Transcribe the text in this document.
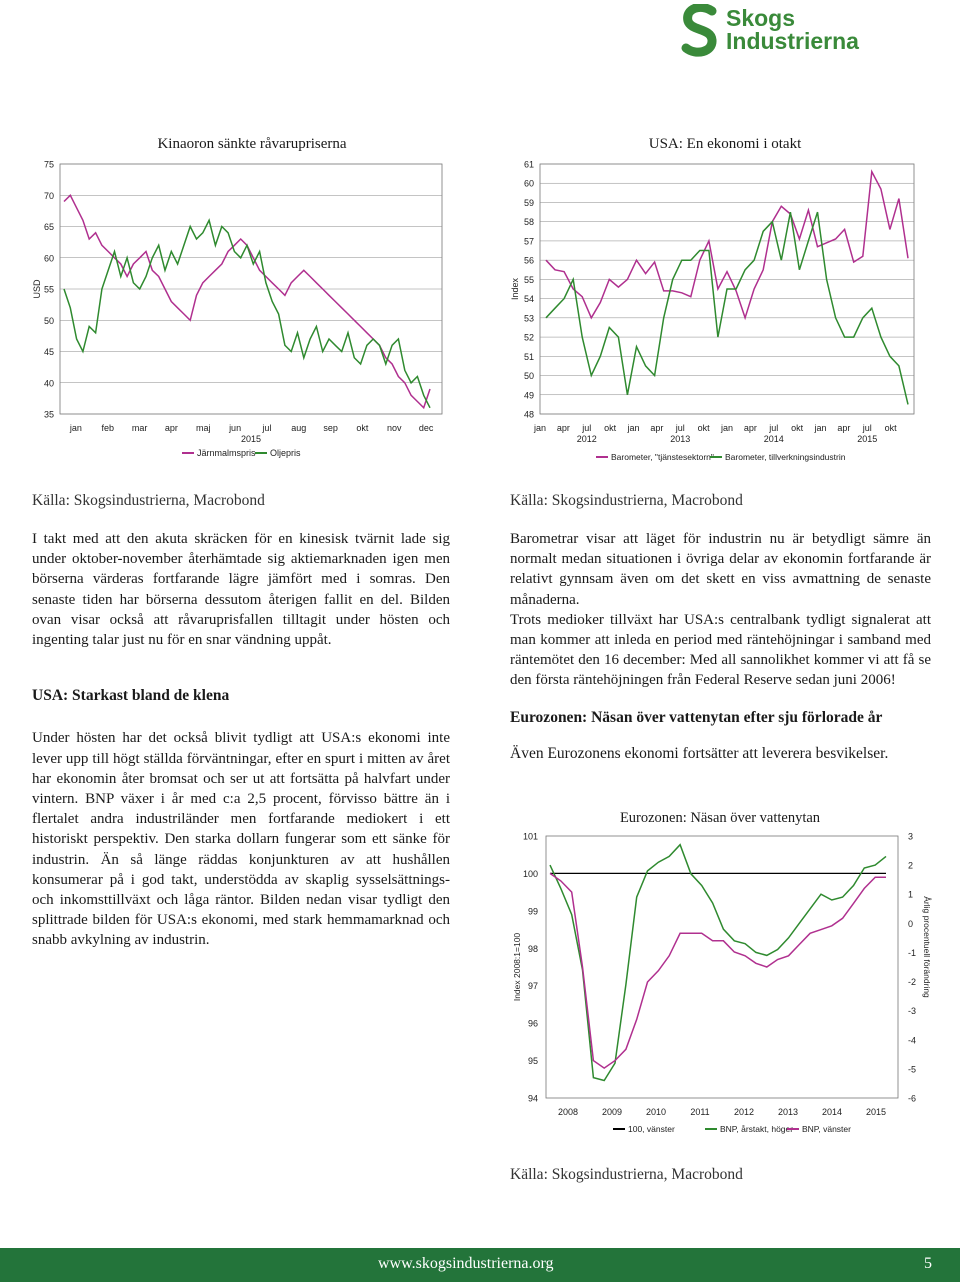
Skogs
Industrierna
Kinaoron sänkte råvarupriserna
75
70
65
60
55
50
45
40
35
USD
jan feb mar apr maj jun jul aug sep okt nov dec
2015
Järnmalmspris Oljepris
Källa: Skogsindustrierna, Macrobond
USA: En ekonomi i otakt
48
49
50
51
52
53
54
55
56
57
58
59
60
61
Index
jan apr jul okt jan apr jul okt jan apr jul okt jan apr jul okt
2012	2013	2014	2015
Barometer, "tjänstesektorn" Barometer, tillverkningsindustrin
Källa: Skogsindustrierna, Macrobond

I takt med att den akuta skräcken för en kinesisk tvärnit lade sig under oktober-november återhämtade sig aktiemarknaden igen men börserna värderas fortfarande lägre jämfört med i somras. Den senaste tiden har börserna dessutom återigen fallit en del. Bilden ovan visar också att råvaruprisfallen tilltagit under hösten och ingenting talar just nu för en snar vändning uppåt.

USA: Starkast bland de klena

Under hösten har det också blivit tydligt att USA:s ekonomi inte lever upp till högt ställda förväntningar, efter en spurt i mitten av året har ekonomin åter bromsat och ser ut att fortsätta på halvfart under vintern. BNP växer i år med c:a 2,5 procent, förvisso bättre än i flertalet andra industriländer men fortfarande mediokert i ett historiskt perspektiv. Den starka dollarn fungerar som ett sänke för industrin. Än så länge räddas konjunkturen av att hushållen konsumerar på i god takt, understödda av skaplig sysselsättnings- och inkomsttillväxt och låga räntor. Bilden nedan visar tydligt den splittrade bilden för USA:s ekonomi, med stark hemmamarknad och snabb avkylning av industrin.

Barometrar visar att läget för industrin nu är betydligt sämre än normalt medan situationen i övriga delar av ekonomin fortfarande är relativt gynnsam även om det skett en viss avmattning de senaste månaderna.

Trots medioker tillväxt har USA:s centralbank tydligt signalerat att man kommer att inleda en period med räntehöjningar i samband med räntemötet den 16 december: Med all sannolikhet kommer vi att få se den första räntehöjningen från Federal Reserve sedan juni 2006!

Eurozonen: Näsan över vattenytan efter sju förlorade år

Även Eurozonens ekonomi fortsätter att leverera besvikelser.

Eurozonen: Näsan över vattenytan
94
95
96
97
98
99
100
101
-6
-5
-4
-3
-2
-1
0
1
2
3
Index 2008:1=100	Årlig procentuell förändring
2008	2009	2010	2011	2012	2013	2014	2015
100, vänster	BNP, årstakt, höger BNP, vänster
Källa: Skogsindustrierna, Macrobond
www.skogsindustrierna.org	5
